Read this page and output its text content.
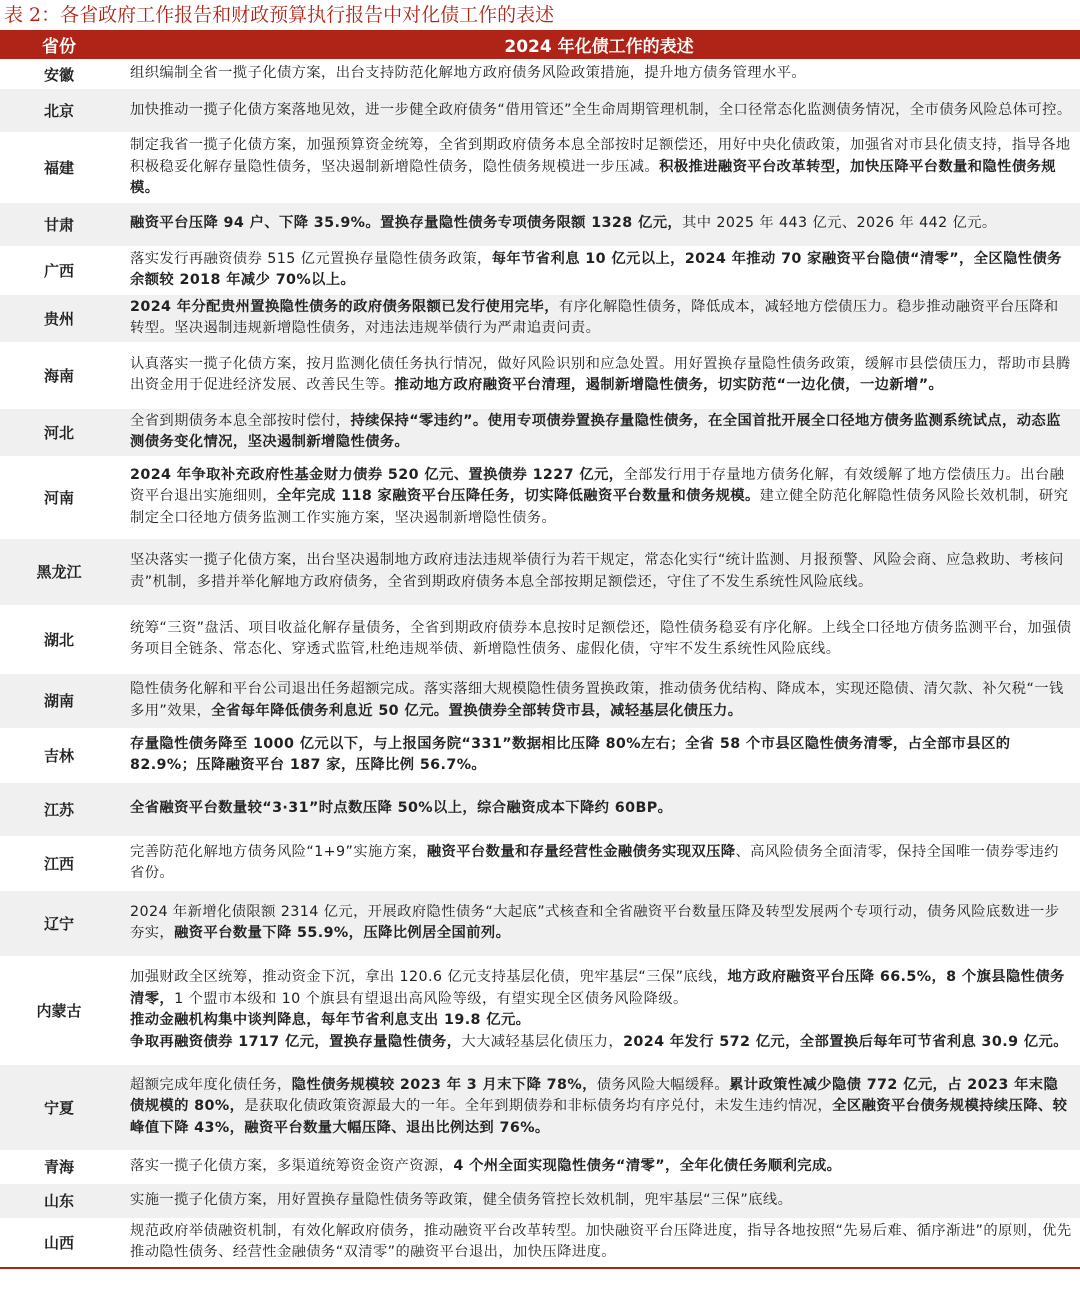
表 2：各省政府工作报告和财政预算执行报告中对化债工作的表述
省份	2024 年化债工作的表述
安徽	组织编制全省一揽子化债方案，出台支持防范化解地方政府债务风险政策措施，提升地方债务管理水平。
北京	加快推动一揽子化债方案落地见效，进一步健全政府债务“借用管还”全生命周期管理机制，全口径常态化监测债务情况，全市债务风险总体可控。
福建	制定我省一揽子化债方案，加强预算资金统筹，全省到期政府债务本息全部按时足额偿还，用好中央化债政策，加强省对市县化债支持，指导各地积极稳妥化解存量隐性债务，坚决遏制新增隐性债务，隐性债务规模进一步压减。积极推进融资平台改革转型，加快压降平台数量和隐性债务规模。
甘肃	融资平台压降 94 户、下降 35.9%。置换存量隐性债务专项债务限额 1328 亿元，其中 2025 年 443 亿元、2026 年 442 亿元。
广西	落实发行再融资债券 515 亿元置换存量隐性债务政策，每年节省利息 10 亿元以上，2024 年推动 70 家融资平台隐债“清零”，全区隐性债务余额较 2018 年减少 70%以上。
贵州	2024 年分配贵州置换隐性债务的政府债务限额已发行使用完毕，有序化解隐性债务，降低成本，减轻地方偿债压力。稳步推动融资平台压降和转型。坚决遏制违规新增隐性债务，对违法违规举债行为严肃追责问责。
海南	认真落实一揽子化债方案，按月监测化债任务执行情况，做好风险识别和应急处置。用好置换存量隐性债务政策，缓解市县偿债压力，帮助市县腾出资金用于促进经济发展、改善民生等。推动地方政府融资平台清理，遏制新增隐性债务，切实防范“一边化债，一边新增”。
河北	全省到期债务本息全部按时偿付，持续保持“零违约”。使用专项债券置换存量隐性债务，在全国首批开展全口径地方债务监测系统试点，动态监测债务变化情况，坚决遏制新增隐性债务。
河南	2024 年争取补充政府性基金财力债券 520 亿元、置换债券 1227 亿元，全部发行用于存量地方债务化解，有效缓解了地方偿债压力。出台融资平台退出实施细则，全年完成 118 家融资平台压降任务，切实降低融资平台数量和债务规模。建立健全防范化解隐性债务风险长效机制，研究制定全口径地方债务监测工作实施方案，坚决遏制新增隐性债务。
黑龙江	坚决落实一揽子化债方案，出台坚决遏制地方政府违法违规举债行为若干规定，常态化实行“统计监测、月报预警、风险会商、应急救助、考核问责”机制，多措并举化解地方政府债务，全省到期政府债务本息全部按期足额偿还，守住了不发生系统性风险底线。
湖北	统筹“三资”盘活、项目收益化解存量债务，全省到期政府债券本息按时足额偿还，隐性债务稳妥有序化解。上线全口径地方债务监测平台，加强债务项目全链条、常态化、穿透式监管,杜绝违规举债、新增隐性债务、虚假化债，守牢不发生系统性风险底线。
湖南	隐性债务化解和平台公司退出任务超额完成。落实落细大规模隐性债务置换政策，推动债务优结构、降成本，实现还隐债、清欠款、补欠税“一钱多用”效果，全省每年降低债务利息近 50 亿元。置换债券全部转贷市县，减轻基层化债压力。
吉林	存量隐性债务降至 1000 亿元以下，与上报国务院“331”数据相比压降 80%左右；全省 58 个市县区隐性债务清零，占全部市县区的 82.9%；压降融资平台 187 家，压降比例 56.7%。
江苏	全省融资平台数量较“3·31”时点数压降 50%以上，综合融资成本下降约 60BP。
江西	完善防范化解地方债务风险“1+9”实施方案，融资平台数量和存量经营性金融债务实现双压降、高风险债务全面清零，保持全国唯一债券零违约省份。
辽宁	2024 年新增化债限额 2314 亿元，开展政府隐性债务“大起底”式核查和全省融资平台数量压降及转型发展两个专项行动，债务风险底数进一步夯实，融资平台数量下降 55.9%，压降比例居全国前列。
内蒙古	加强财政全区统筹，推动资金下沉，拿出 120.6 亿元支持基层化债，兜牢基层“三保”底线，地方政府融资平台压降 66.5%，8 个旗县隐性债务清零，1 个盟市本级和 10 个旗县有望退出高风险等级，有望实现全区债务风险降级。
推动金融机构集中谈判降息，每年节省利息支出 19.8 亿元。
争取再融资债券 1717 亿元，置换存量隐性债务，大大减轻基层化债压力，2024 年发行 572 亿元，全部置换后每年可节省利息 30.9 亿元。
宁夏	超额完成年度化债任务，隐性债务规模较 2023 年 3 月末下降 78%，债务风险大幅缓释。累计政策性减少隐债 772 亿元，占 2023 年末隐债规模的 80%，是获取化债政策资源最大的一年。全年到期债券和非标债务均有序兑付，未发生违约情况，全区融资平台债务规模持续压降、较峰值下降 43%，融资平台数量大幅压降、退出比例达到 76%。
青海	落实一揽子化债方案，多渠道统筹资金资产资源，4 个州全面实现隐性债务“清零”，全年化债任务顺利完成。
山东	实施一揽子化债方案，用好置换存量隐性债务等政策，健全债务管控长效机制，兜牢基层“三保”底线。
山西	规范政府举债融资机制，有效化解政府债务，推动融资平台改革转型。加快融资平台压降进度，指导各地按照“先易后难、循序渐进”的原则，优先推动隐性债务、经营性金融债务“双清零”的融资平台退出，加快压降进度。
